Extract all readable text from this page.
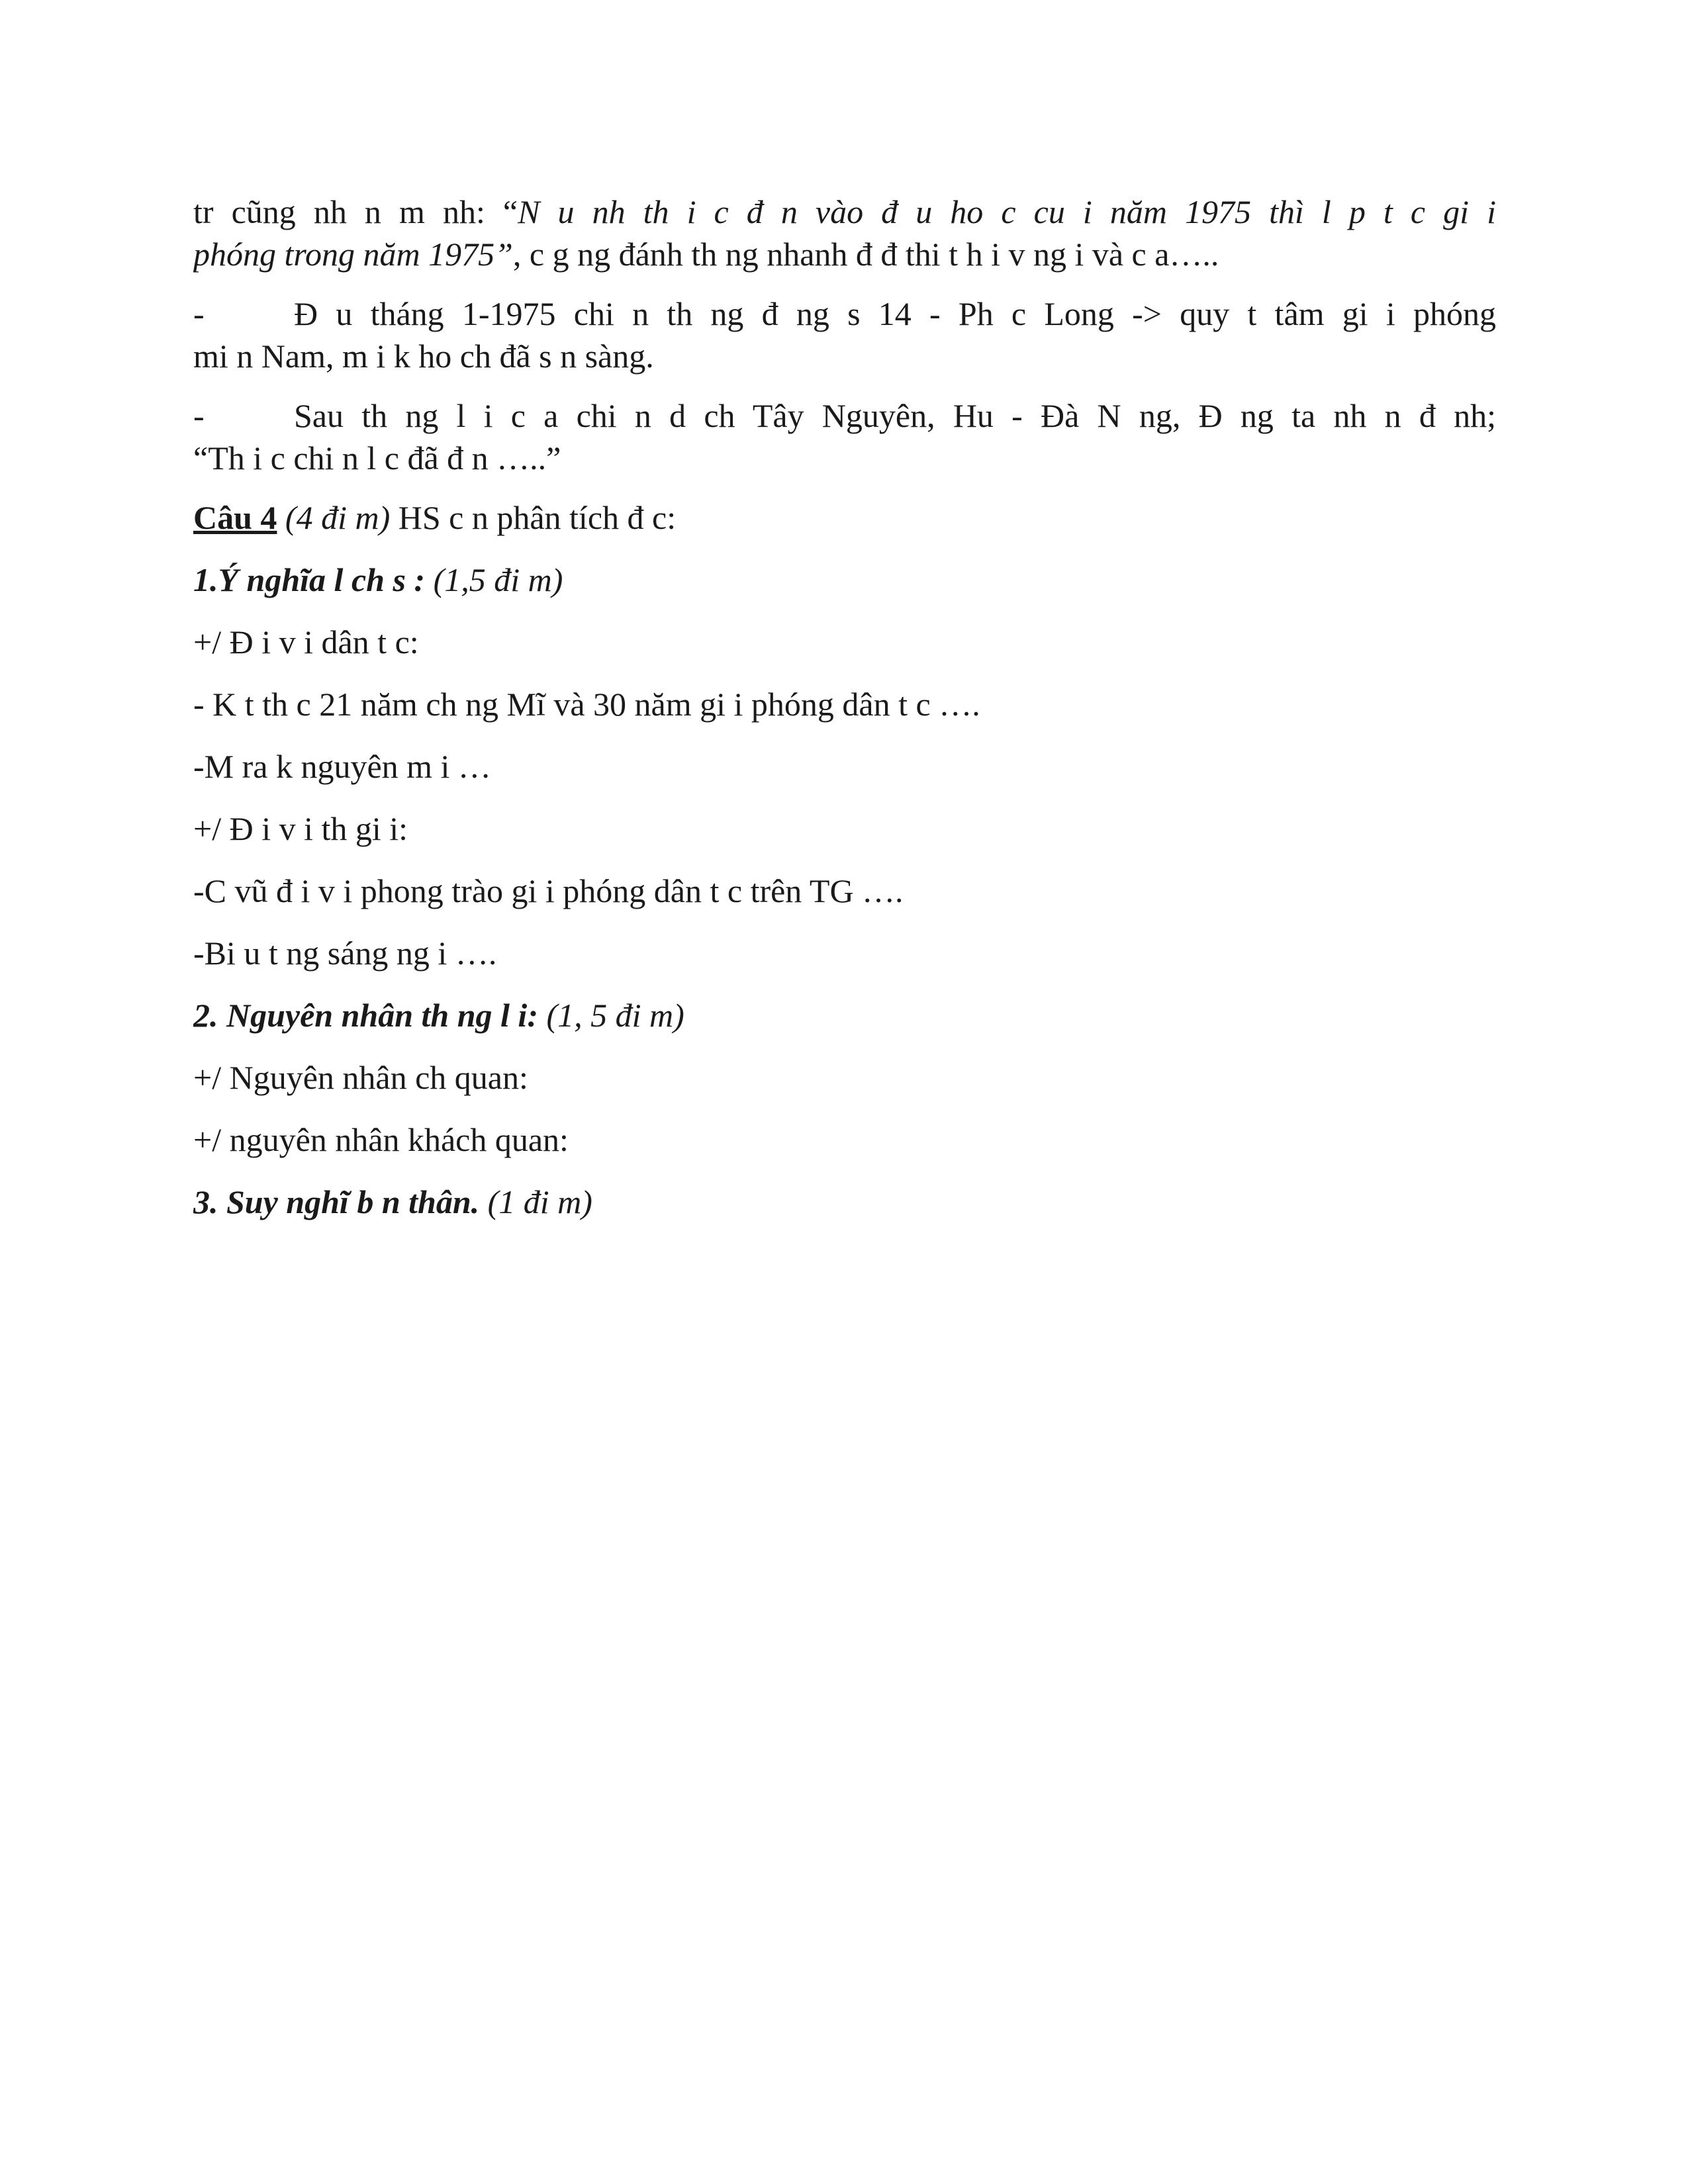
tr cũng nh n m nh: “N u nh th i c đ n vào đ u ho c cu i năm 1975 thì l p t c gi i

phóng trong năm 1975”, c g ng đánh th ng nhanh đ đ thi t h i v ng i và c a…..

-	Đ u tháng 1-1975 chi n th ng đ ng s 14 - Ph c Long -> quy t tâm gi i phóng

mi n Nam, m i k ho ch đã s n sàng.

-	Sau th ng l i c a chi n d ch Tây Nguyên, Hu - Đà N ng, Đ ng ta nh n đ nh;

“Th i c chi n l c đã đ n …..”

Câu 4 (4 đi m) HS c n phân tích đ c:

1.Ý nghĩa l ch s : (1,5 đi m)

+/ Đ i v i dân t c:

- K t th c 21 năm ch ng Mĩ và 30 năm gi i phóng dân t c ….

-M ra k nguyên m i …

+/ Đ i v i th gi i:

-C vũ đ i v i phong trào gi i phóng dân t c trên TG ….

-Bi u t ng sáng ng i ….

2. Nguyên nhân th ng l i: (1, 5 đi m)

+/ Nguyên nhân ch quan:

+/ nguyên nhân khách quan:

3. Suy nghĩ b n thân. (1 đi m)
